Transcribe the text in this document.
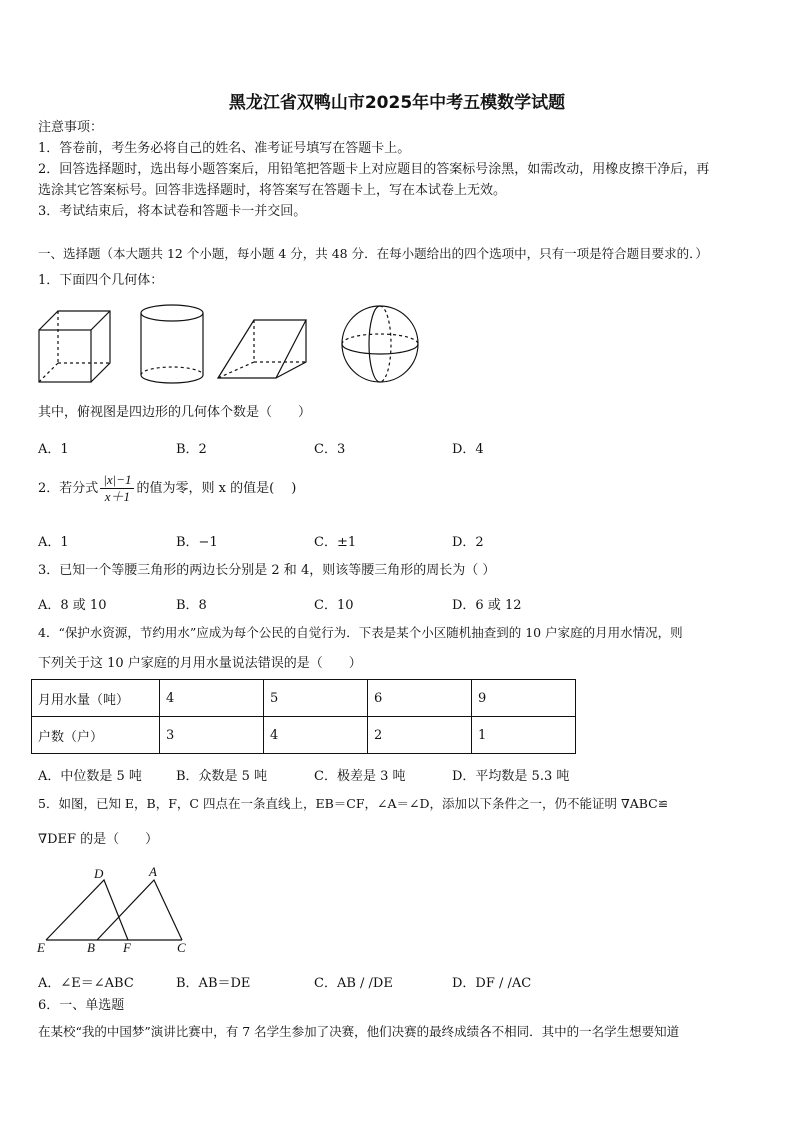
黑龙江省双鸭山市2025年中考五模数学试题
注意事项：
1．答卷前，考生务必将自己的姓名、准考证号填写在答题卡上。
2．回答选择题时，选出每小题答案后，用铅笔把答题卡上对应题目的答案标号涂黑，如需改动，用橡皮擦干净后，再
选涂其它答案标号。回答非选择题时，将答案写在答题卡上，写在本试卷上无效。
3．考试结束后，将本试卷和答题卡一并交回。
一、选择题（本大题共 12 个小题，每小题 4 分，共 48 分．在每小题给出的四个选项中，只有一项是符合题目要求的．）
1．下面四个几何体：
其中，俯视图是四边形的几何体个数是（　　）
A．1	B．2	C．3	D．4
2．若分式 $\frac{|x|-1}{x+1}$ 的值为零，则 x 的值是(　 )
A．1	B．−1	C．±1	D．2
3．已知一个等腰三角形的两边长分别是 2 和 4，则该等腰三角形的周长为（ ）
A．8 或 10	B．8	C．10	D．6 或 12
4．“保护水资源，节约用水”应成为每个公民的自觉行为．下表是某个小区随机抽查到的 10 户家庭的月用水情况，则
下列关于这 10 户家庭的月用水量说法错误的是（　　）
月用水量（吨）	4	5	6	9
户数（户）	3	4	2	1
A．中位数是 5 吨	B．众数是 5 吨	C．极差是 3 吨	D．平均数是 5.3 吨
5．如图，已知 E，B，F，C 四点在一条直线上，EB＝CF，∠A＝∠D，添加以下条件之一，仍不能证明 ∇ABC≌
∇DEF 的是（　　）
D	A
E	B F	C
A．∠E＝∠ABC	B．AB＝DE	C．AB / /DE	D．DF / /AC
6．一、单选题
在某校“我的中国梦”演讲比赛中，有 7 名学生参加了决赛，他们决赛的最终成绩各不相同．其中的一名学生想要知道
